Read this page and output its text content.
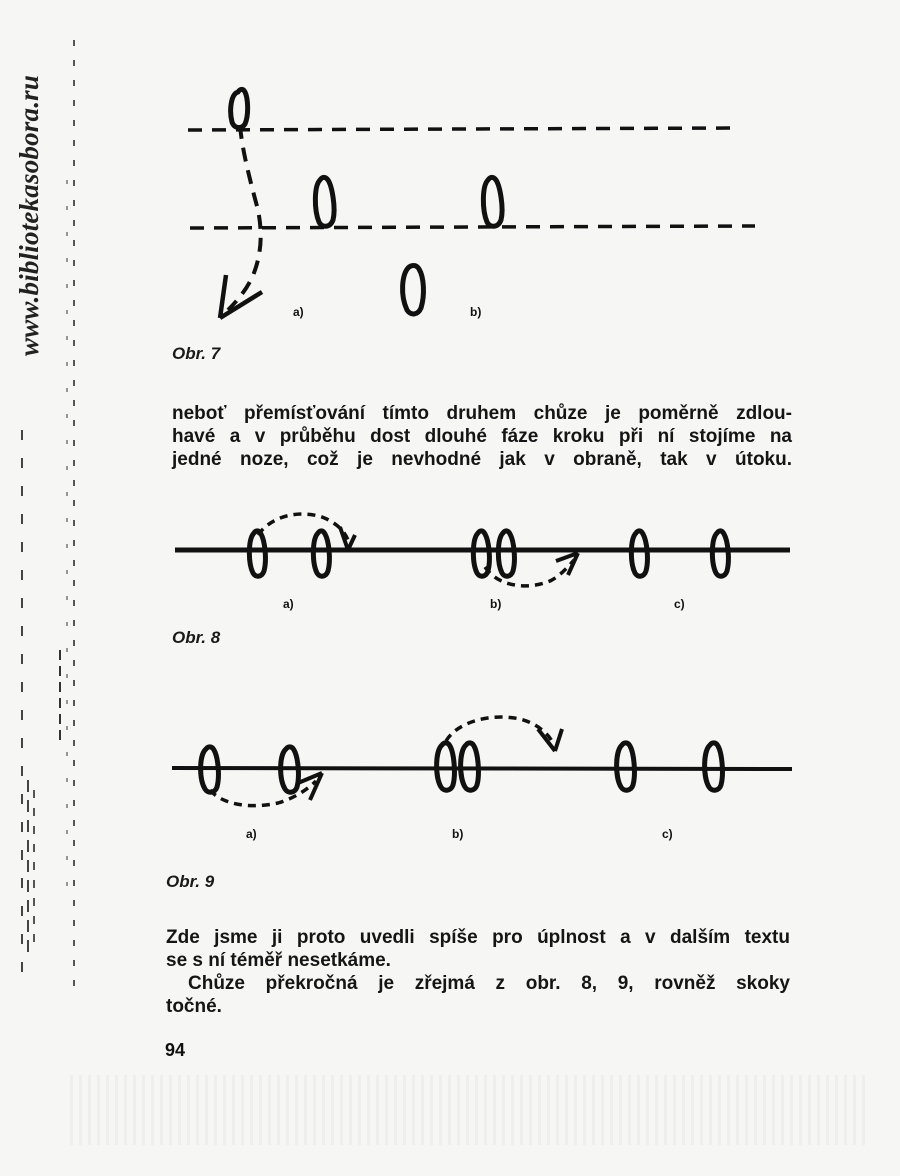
www.bibliotekasobora.ru	a)	b)
Obr. 7
neboť přemísťování tímto druhem chůze je poměrně zdlou-
havé a v průběhu dost dlouhé fáze kroku při ní stojíme na
jedné noze, což je nevhodné jak v obraně, tak v útoku.
a)	b)	c)
Obr. 8
a)	b)	c)
Obr. 9
Zde jsme ji proto uvedli spíše pro úplnost a v dalším textu
se s ní téměř nesetkáme.
Chůze překročná je zřejmá z obr. 8, 9, rovněž skoky
točné.
94
